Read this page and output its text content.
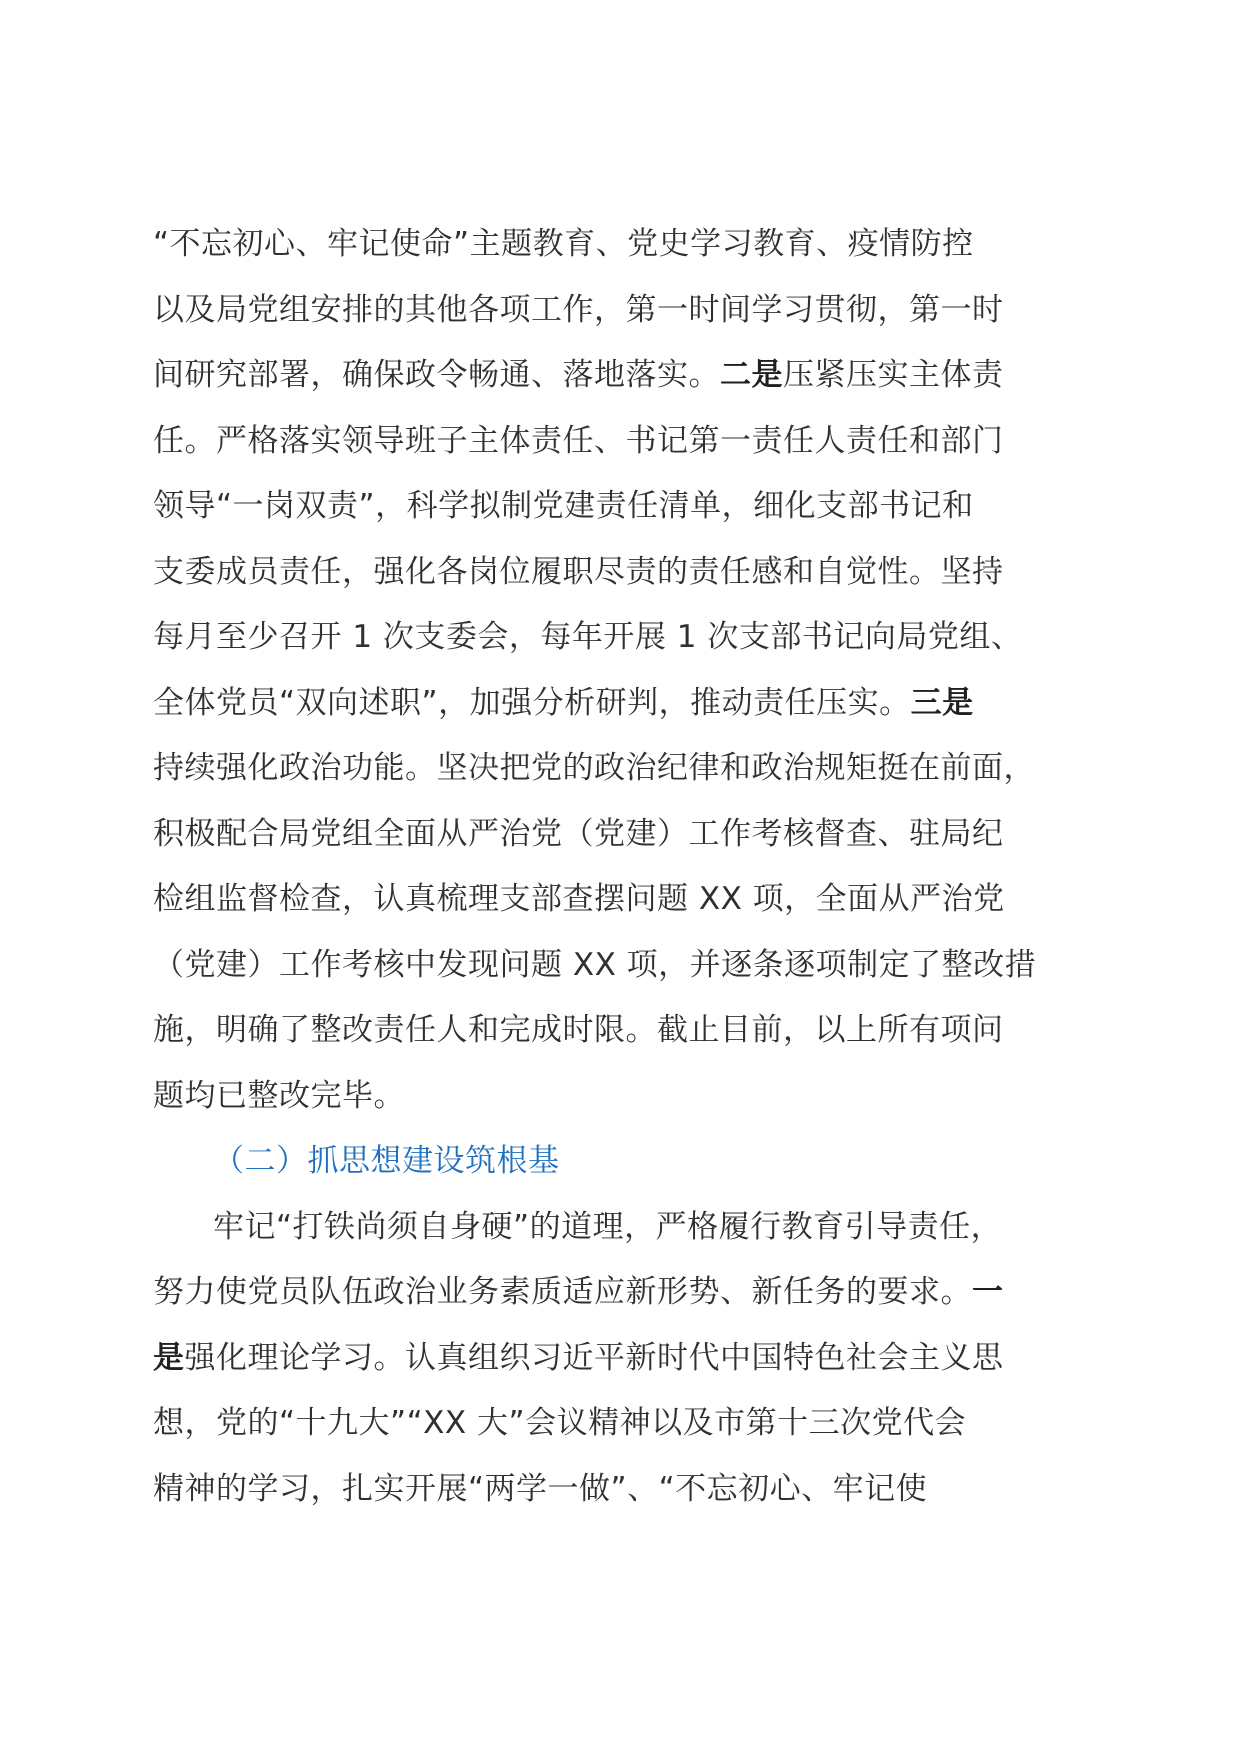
“不忘初心、牢记使命”主题教育、党史学习教育、疫情防控
以及局党组安排的其他各项工作，第一时间学习贯彻，第一时
间研究部署，确保政令畅通、落地落实。二是压紧压实主体责
任。严格落实领导班子主体责任、书记第一责任人责任和部门
领导“一岗双责”，科学拟制党建责任清单，细化支部书记和
支委成员责任，强化各岗位履职尽责的责任感和自觉性。坚持
每月至少召开 1 次支委会，每年开展 1 次支部书记向局党组、
全体党员“双向述职”，加强分析研判，推动责任压实。三是
持续强化政治功能。坚决把党的政治纪律和政治规矩挺在前面，
积极配合局党组全面从严治党（党建）工作考核督查、驻局纪
检组监督检查，认真梳理支部查摆问题 XX 项，全面从严治党
（党建）工作考核中发现问题 XX 项，并逐条逐项制定了整改措
施，明确了整改责任人和完成时限。截止目前，以上所有项问
题均已整改完毕。
（二）抓思想建设筑根基
牢记“打铁尚须自身硬”的道理，严格履行教育引导责任，
努力使党员队伍政治业务素质适应新形势、新任务的要求。一
是强化理论学习。认真组织习近平新时代中国特色社会主义思
想，党的“十九大”“XX 大”会议精神以及市第十三次党代会
精神的学习，扎实开展“两学一做”、“不忘初心、牢记使
